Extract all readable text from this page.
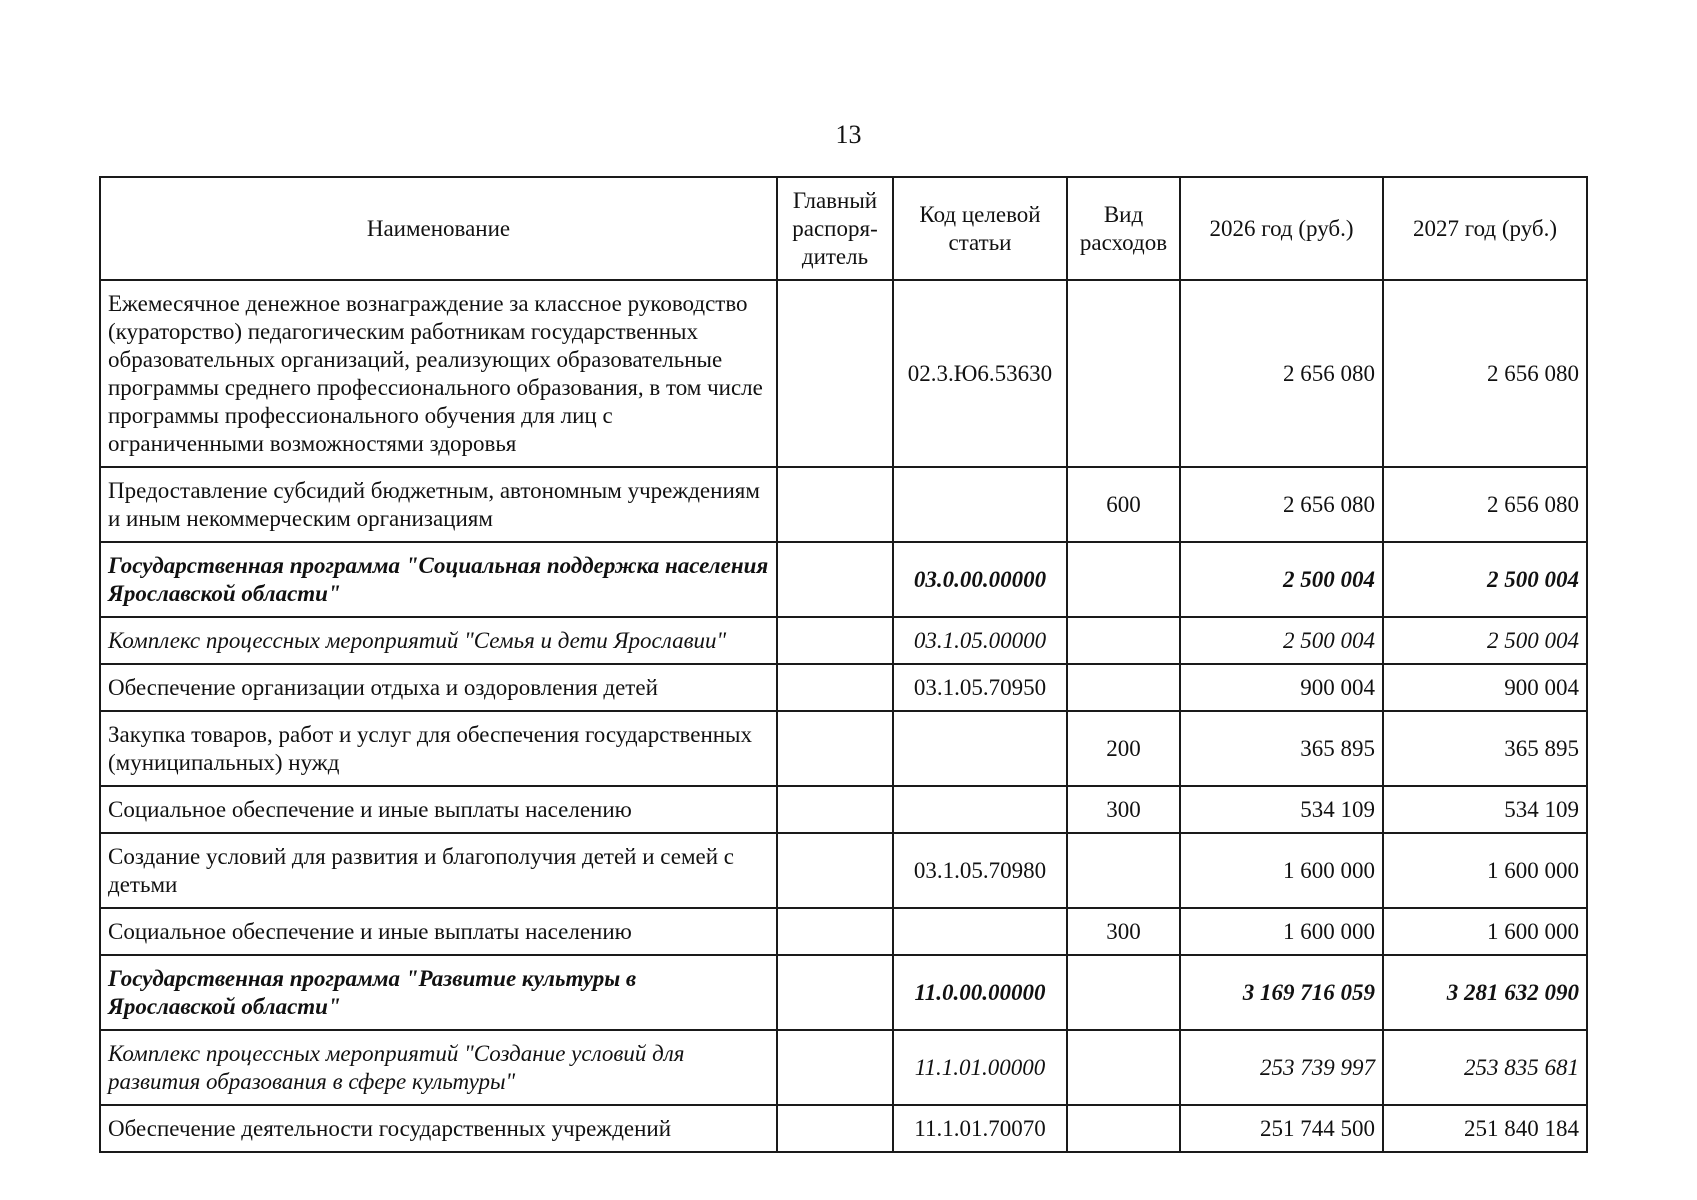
13
Наименование	Главный распоря-дитель	Код целевой статьи	Вид расходов	2026 год (руб.)	2027 год (руб.)
Ежемесячное денежное вознаграждение за классное руководство (кураторство) педагогическим работникам государственных образовательных организаций, реализующих образовательные программы среднего профессионального образования, в том числе программы профессионального обучения для лиц с ограниченными возможностями здоровья		02.3.Ю6.53630		2 656 080	2 656 080
Предоставление субсидий бюджетным, автономным учреждениям и иным некоммерческим организациям			600	2 656 080	2 656 080
Государственная программа "Социальная поддержка населения Ярославской области"		03.0.00.00000		2 500 004	2 500 004
Комплекс процессных мероприятий "Семья и дети Ярославии"		03.1.05.00000		2 500 004	2 500 004
Обеспечение организации отдыха и оздоровления детей		03.1.05.70950		900 004	900 004
Закупка товаров, работ и услуг для обеспечения государственных (муниципальных) нужд			200	365 895	365 895
Социальное обеспечение и иные выплаты населению			300	534 109	534 109
Создание условий для развития и благополучия детей и семей с детьми		03.1.05.70980		1 600 000	1 600 000
Социальное обеспечение и иные выплаты населению			300	1 600 000	1 600 000
Государственная программа "Развитие культуры в Ярославской области"		11.0.00.00000		3 169 716 059	3 281 632 090
Комплекс процессных мероприятий "Создание условий для развития образования в сфере культуры"		11.1.01.00000		253 739 997	253 835 681
Обеспечение деятельности государственных учреждений		11.1.01.70070		251 744 500	251 840 184
